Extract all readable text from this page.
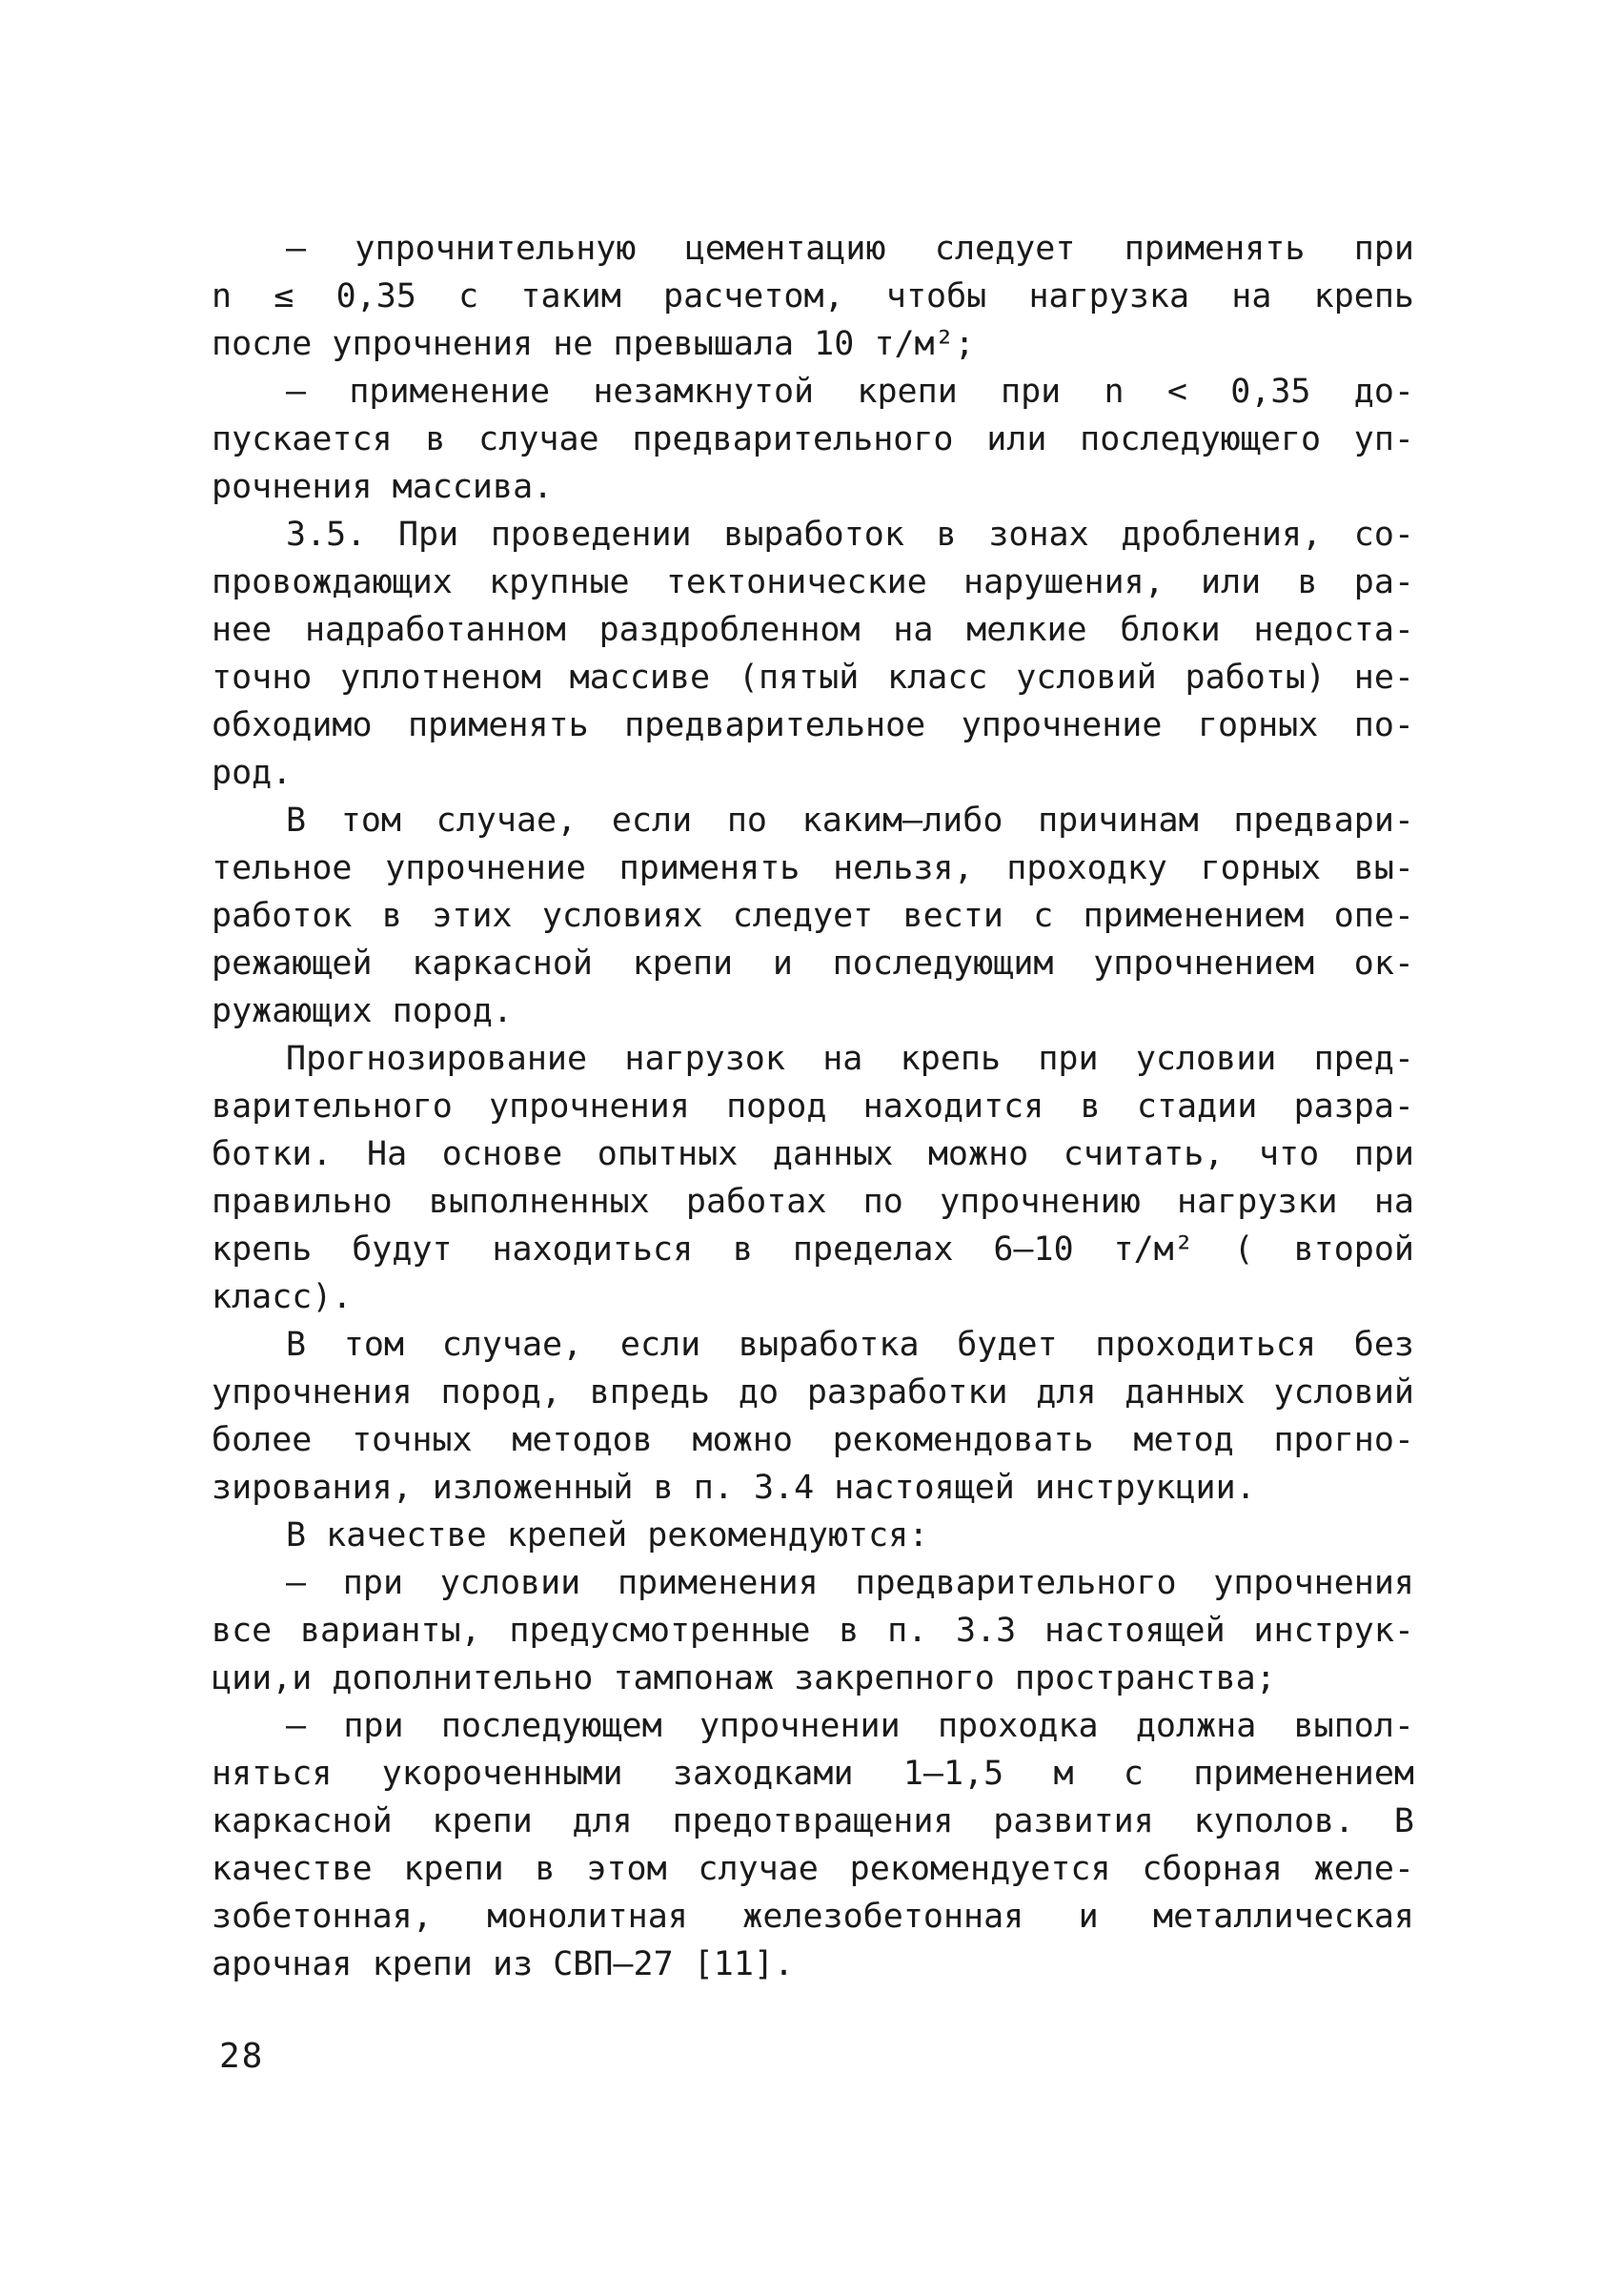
– упрочнительную цементацию следует применять при
n ≤ 0,35 с таким расчетом, чтобы нагрузка на крепь
после упрочнения не превышала 10 т/м²;
– применение незамкнутой крепи при n < 0,35 до-
пускается в случае предварительного или последующего уп-
рочнения массива.
3.5. При проведении выработок в зонах дробления, со-
провождающих крупные тектонические нарушения, или в ра-
нее надработанном раздробленном на мелкие блоки недоста-
точно уплотненом массиве (пятый класс условий работы) не-
обходимо применять предварительное упрочнение горных по-
род.
В том случае, если по каким–либо причинам предвари-
тельное упрочнение применять нельзя, проходку горных вы-
работок в этих условиях следует вести с применением опе-
режающей каркасной крепи и последующим упрочнением ок-
ружающих пород.
Прогнозирование нагрузок на крепь при условии пред-
варительного упрочнения пород находится в стадии разра-
ботки. На основе опытных данных можно считать, что при
правильно выполненных работах по упрочнению нагрузки на
крепь будут находиться в пределах 6–10 т/м² ( второй
класс).
В том случае, если выработка будет проходиться без
упрочнения пород, впредь до разработки для данных условий
более точных методов можно рекомендовать метод прогно-
зирования, изложенный в п. 3.4 настоящей инструкции.
В качестве крепей рекомендуются:
– при условии применения предварительного упрочнения
все варианты, предусмотренные в п. 3.3 настоящей инструк-
ции,и дополнительно тампонаж закрепного пространства;
– при последующем упрочнении проходка должна выпол-
няться укороченными заходками 1–1,5 м с применением
каркасной крепи для предотвращения развития куполов. В
качестве крепи в этом случае рекомендуется сборная желе-
зобетонная, монолитная железобетонная и металлическая
арочная крепи из СВП–27 [11].
28
